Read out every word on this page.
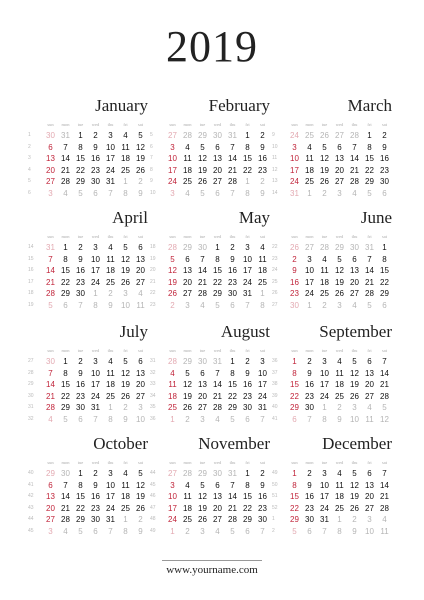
2019
January
sun	mon	tue	wed	thu	fri	sat
1	30 31	1	2	3	4	5
2	6	7	8	9	10 11 12
3	13 14 15 16 17 18 19
4	20 21 22 23 24 25 26
5	27 28 29 30 31	1	2
6	3	4	5	6	7	8	9
February
sun	mon	tue	wed	thu	fri	sat
5	27 28 29 30 31	1	2
6	3	4	5	6	7	8	9
7	10 11 12 13 14 15 16
8	17 18 19 20 21 22 23
9	24 25 26 27 28	1	2
10	3	4	5	6	7	8	9
March
sun	mon	tue	wed	thu	fri	sat
9	24 25 26 27 28	1	2
10	3	4	5	6	7	8	9
11	10 11 12 13 14 15 16
12	17 18 19 20 21 22 23
13	24 25 26 27 28 29 30
14	31	1	2	3	4	5	6
April
sun	mon	tue	wed	thu	fri	sat
14	31	1	2	3	4	5	6
15	7	8	9	10 11 12 13
16	14 15 16 17 18 19 20
17	21 22 23 24 25 26 27
18	28 29 30	1	2	3	4
19	5	6	7	8	9	10 11
May
sun	mon	tue	wed	thu	fri	sat
18	28 29 30	1	2	3	4
19	5	6	7	8	9	10 11
20	12 13 14 15 16 17 18
21	19 20 21 22 23 24 25
22	26 27 28 29 30 31	1
23	2	3	4	5	6	7	8
June
sun	mon	tue	wed	thu	fri	sat
22	26 27 28 29 30 31	1
23	2	3	4	5	6	7	8
24	9	10 11 12 13 14 15
25	16 17 18 19 20 21 22
26	23 24 25 26 27 28 29
27	30	1	2	3	4	5	6
July
sun	mon	tue	wed	thu	fri	sat
27	30	1	2	3	4	5	6
28	7	8	9	10 11 12 13
29	14 15 16 17 18 19 20
30	21 22 23 24 25 26 27
31	28 29 30 31	1	2	3
32	4	5	6	7	8	9	10
August
sun	mon	tue	wed	thu	fri	sat
31	28 29 30 31	1	2	3
32	4	5	6	7	8	9	10
33	11 12 13 14 15 16 17
34	18 19 20 21 22 23 24
35	25 26 27 28 29 30 31
36	1	2	3	4	5	6	7
September
sun	mon	tue	wed	thu	fri	sat
36	1	2	3	4	5	6	7
37	8	9	10 11 12 13 14
38	15 16 17 18 19 20 21
39	22 23 24 25 26 27 28
40	29 30	1	2	3	4	5
41	6	7	8	9	10 11 12
October
sun	mon	tue	wed	thu	fri	sat
40	29 30	1	2	3	4	5
41	6	7	8	9	10 11 12
42	13 14 15 16 17 18 19
43	20 21 22 23 24 25 26
44	27 28 29 30 31	1	2
45	3	4	5	6	7	8	9
November
sun	mon	tue	wed	thu	fri	sat
44	27 28 29 30 31	1	2
45	3	4	5	6	7	8	9
46	10 11 12 13 14 15 16
47	17 18 19 20 21 22 23
48	24 25 26 27 28 29 30
49	1	2	3	4	5	6	7
December
sun	mon	tue	wed	thu	fri	sat
49	1	2	3	4	5	6	7
50	8	9	10 11 12 13 14
51	15 16 17 18 19 20 21
52	22 23 24 25 26 27 28
1	29 30 31	1	2	3	4
2	5	6	7	8	9	10 11
www.yourname.com
